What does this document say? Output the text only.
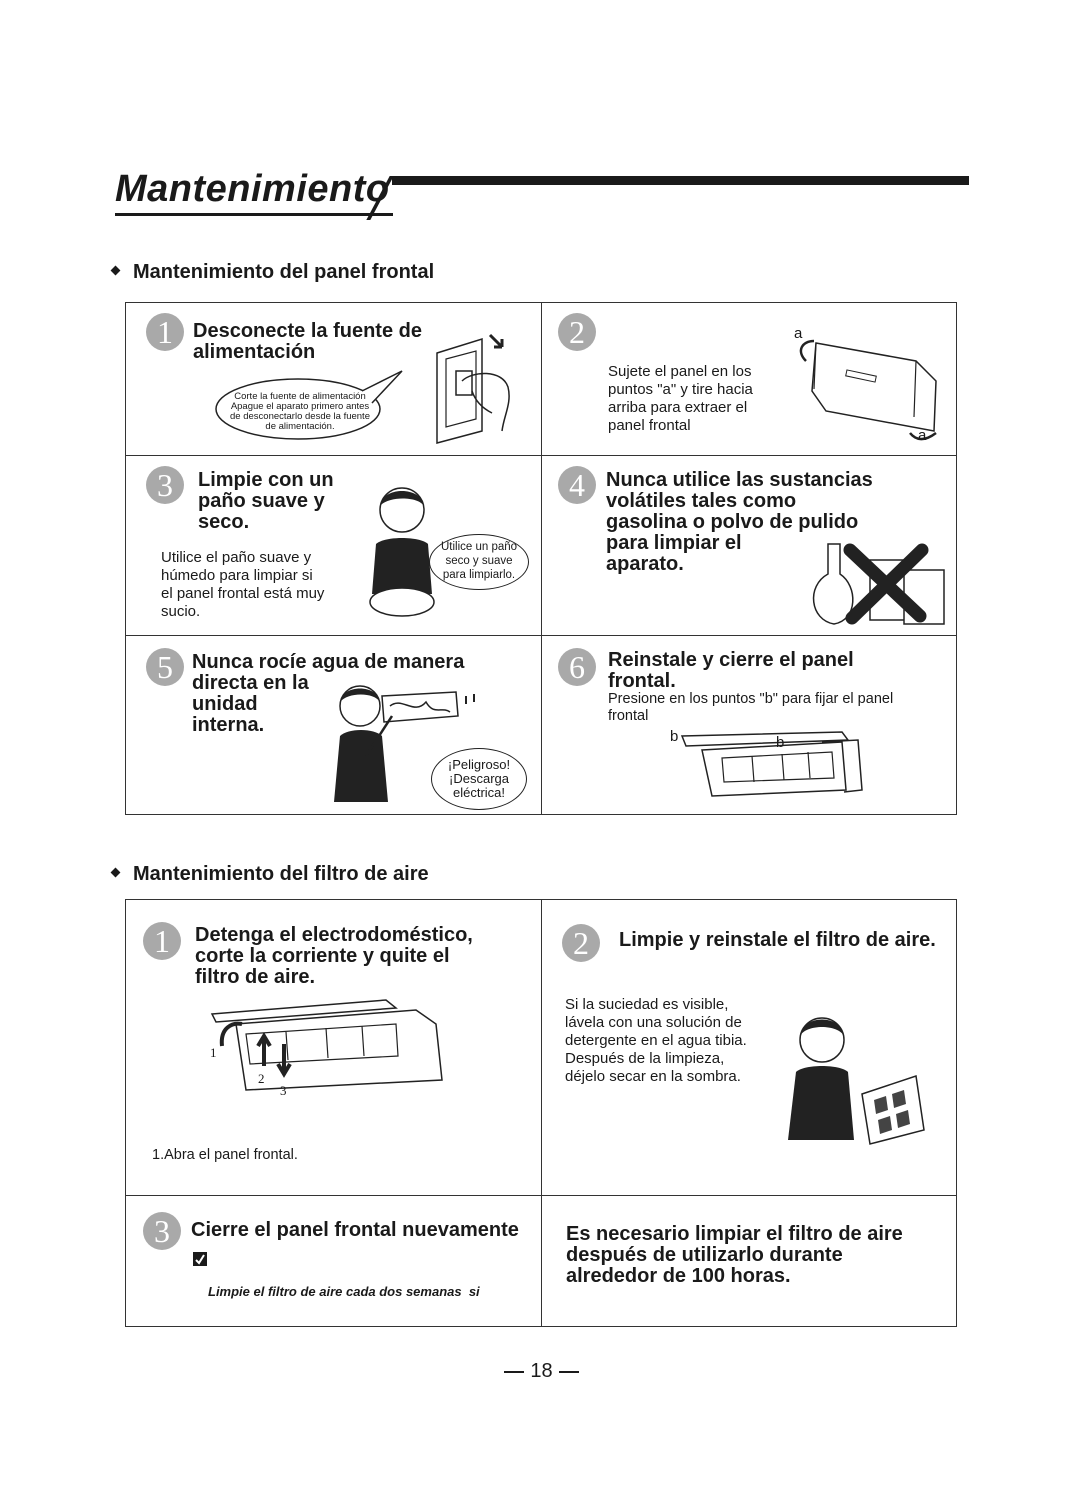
Mantenimiento
Mantenimiento del panel frontal
1	Desconecte la fuente de alimentación
Corte la fuente de alimentación
Apague el aparato primero antes
de desconectarlo desde la fuente
de alimentación.
2
Sujete el panel en los
puntos "a" y tire hacia
arriba para extraer el
panel frontal
a
a
3	Limpie con un
paño suave y
seco.
Utilice el paño suave y
húmedo para limpiar si
el panel frontal está muy
sucio.
Utilice un paño
seco y suave
para limpiarlo.
4	Nunca utilice las sustancias
volátiles tales como
gasolina o polvo de pulido
para limpiar el
aparato.
5 Nunca rocíe agua de manera
directa en la
unidad
interna.
¡Peligroso!
¡Descarga
eléctrica!
6	Reinstale y cierre el panel
frontal.
Presione en los puntos "b" para fijar el panel
frontal
b	b
Mantenimiento del filtro de aire
1	Detenga el electrodoméstico,
corte la corriente y quite el
filtro de aire.
1
2
3

1.Abra el panel frontal.

2	Limpie y reinstale el filtro de aire.
Si la suciedad es visible,
lávela con una solución de
detergente en el agua tibia.
Después de la limpieza,
déjelo secar en la sombra.
3	Cierre el panel frontal nuevamente

Limpie el filtro de aire cada dos semanas  si

Es necesario limpiar el filtro de aire
después de utilizarlo durante
alrededor de 100 horas.
18
